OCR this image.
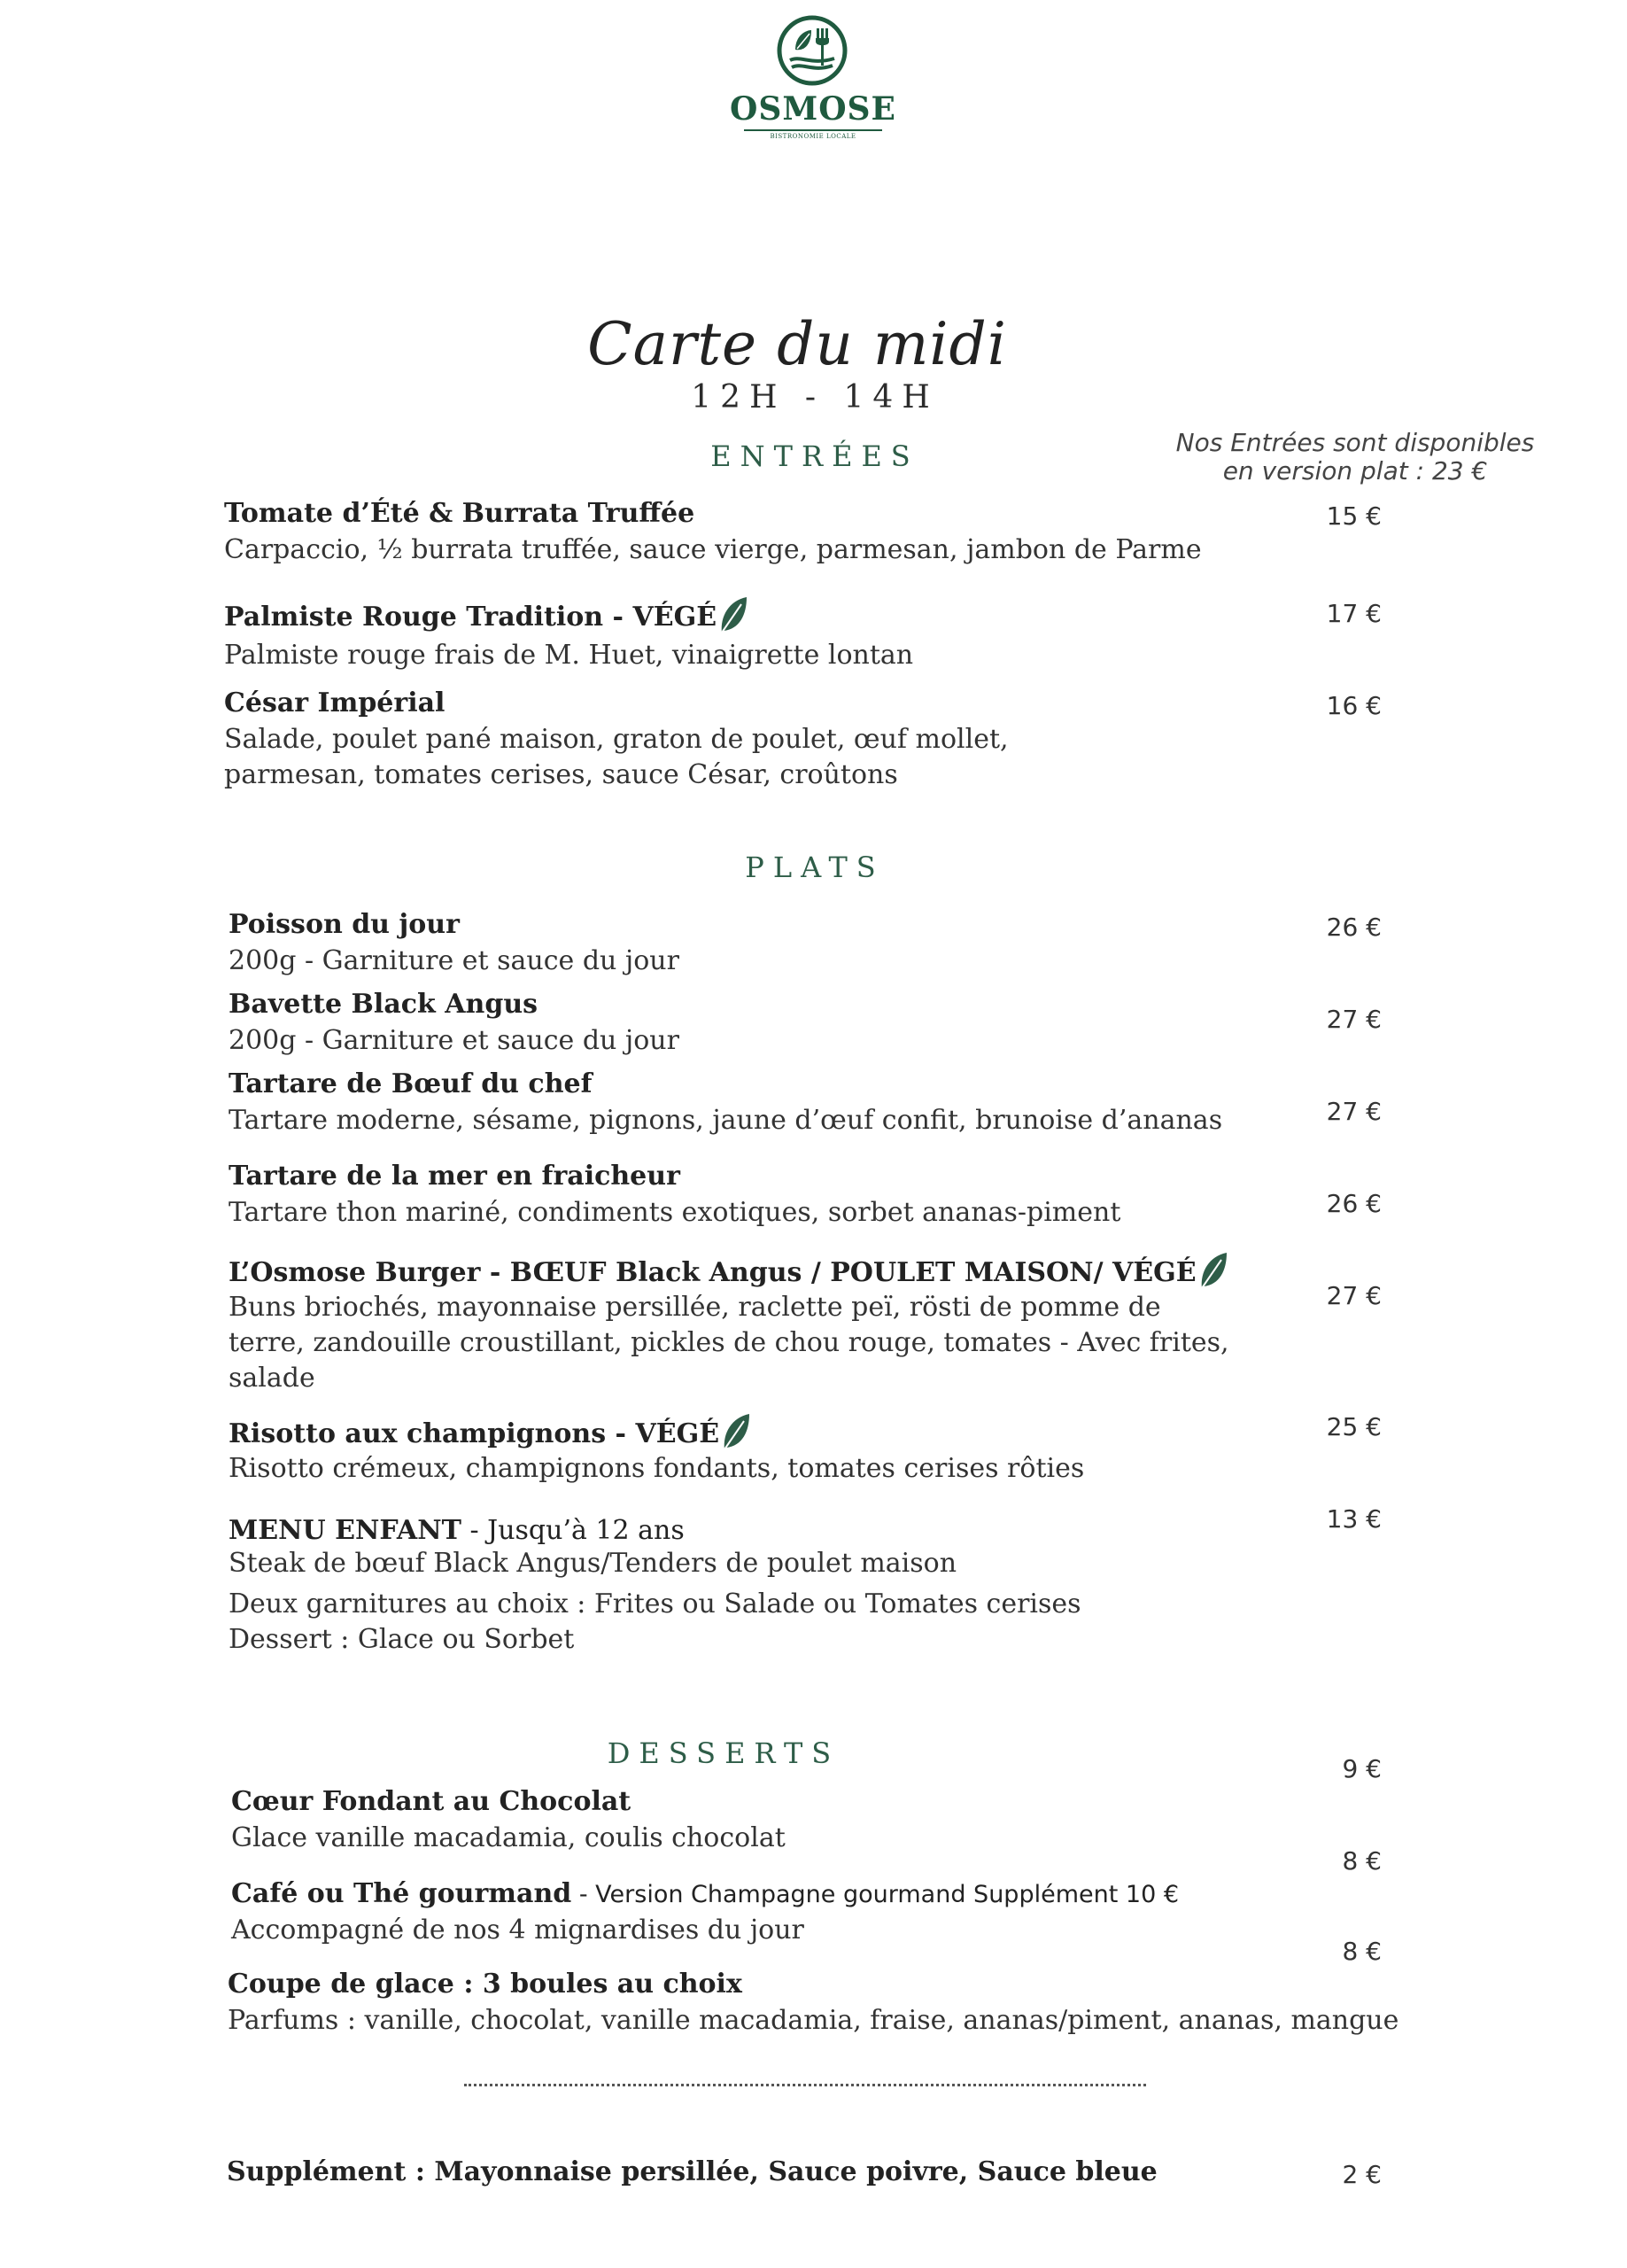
OSMOSE
BISTRONOMIE LOCALE
Carte du midi
12H - 14H
ENTRÉES	Nos Entrées sont disponibles
en version plat : 23 €
Tomate d’Été & Burrata Truffée
Carpaccio, ½ burrata truffée, sauce vierge, parmesan, jambon de Parme
15 €
Palmiste Rouge Tradition - VÉGÉ
Palmiste rouge frais de M. Huet, vinaigrette lontan
17 €
César Impérial
Salade, poulet pané maison, graton de poulet, œuf mollet,
parmesan, tomates cerises, sauce César, croûtons
16 €
PLATS
Poisson du jour
200g - Garniture et sauce du jour
26 €
Bavette Black Angus
200g - Garniture et sauce du jour
27 €
Tartare de Bœuf du chef
Tartare moderne, sésame, pignons, jaune d’œuf confit, brunoise d’ananas	27 €
Tartare de la mer en fraicheur
Tartare thon mariné, condiments exotiques, sorbet ananas-piment	26 €
L’Osmose Burger - BŒUF Black Angus / POULET MAISON/ VÉGÉ
Buns briochés, mayonnaise persillée, raclette peï, rösti de pomme de
terre, zandouille croustillant, pickles de chou rouge, tomates - Avec frites,
salade
27 €
Risotto aux champignons - VÉGÉ
Risotto crémeux, champignons fondants, tomates cerises rôties
25 €
MENU ENFANT - Jusqu’à 12 ans
Steak de bœuf Black Angus/Tenders de poulet maison
Deux garnitures au choix : Frites ou Salade ou Tomates cerises
Dessert : Glace ou Sorbet
13 €
DESSERTS
Cœur Fondant au Chocolat
Glace vanille macadamia, coulis chocolat
9 €
Café ou Thé gourmand - Version Champagne gourmand Supplément 10 €
Accompagné de nos 4 mignardises du jour
8 €
Coupe de glace : 3 boules au choix
Parfums : vanille, chocolat, vanille macadamia, fraise, ananas/piment, ananas, mangue
8 €
Supplément : Mayonnaise persillée, Sauce poivre, Sauce bleue	2 €
